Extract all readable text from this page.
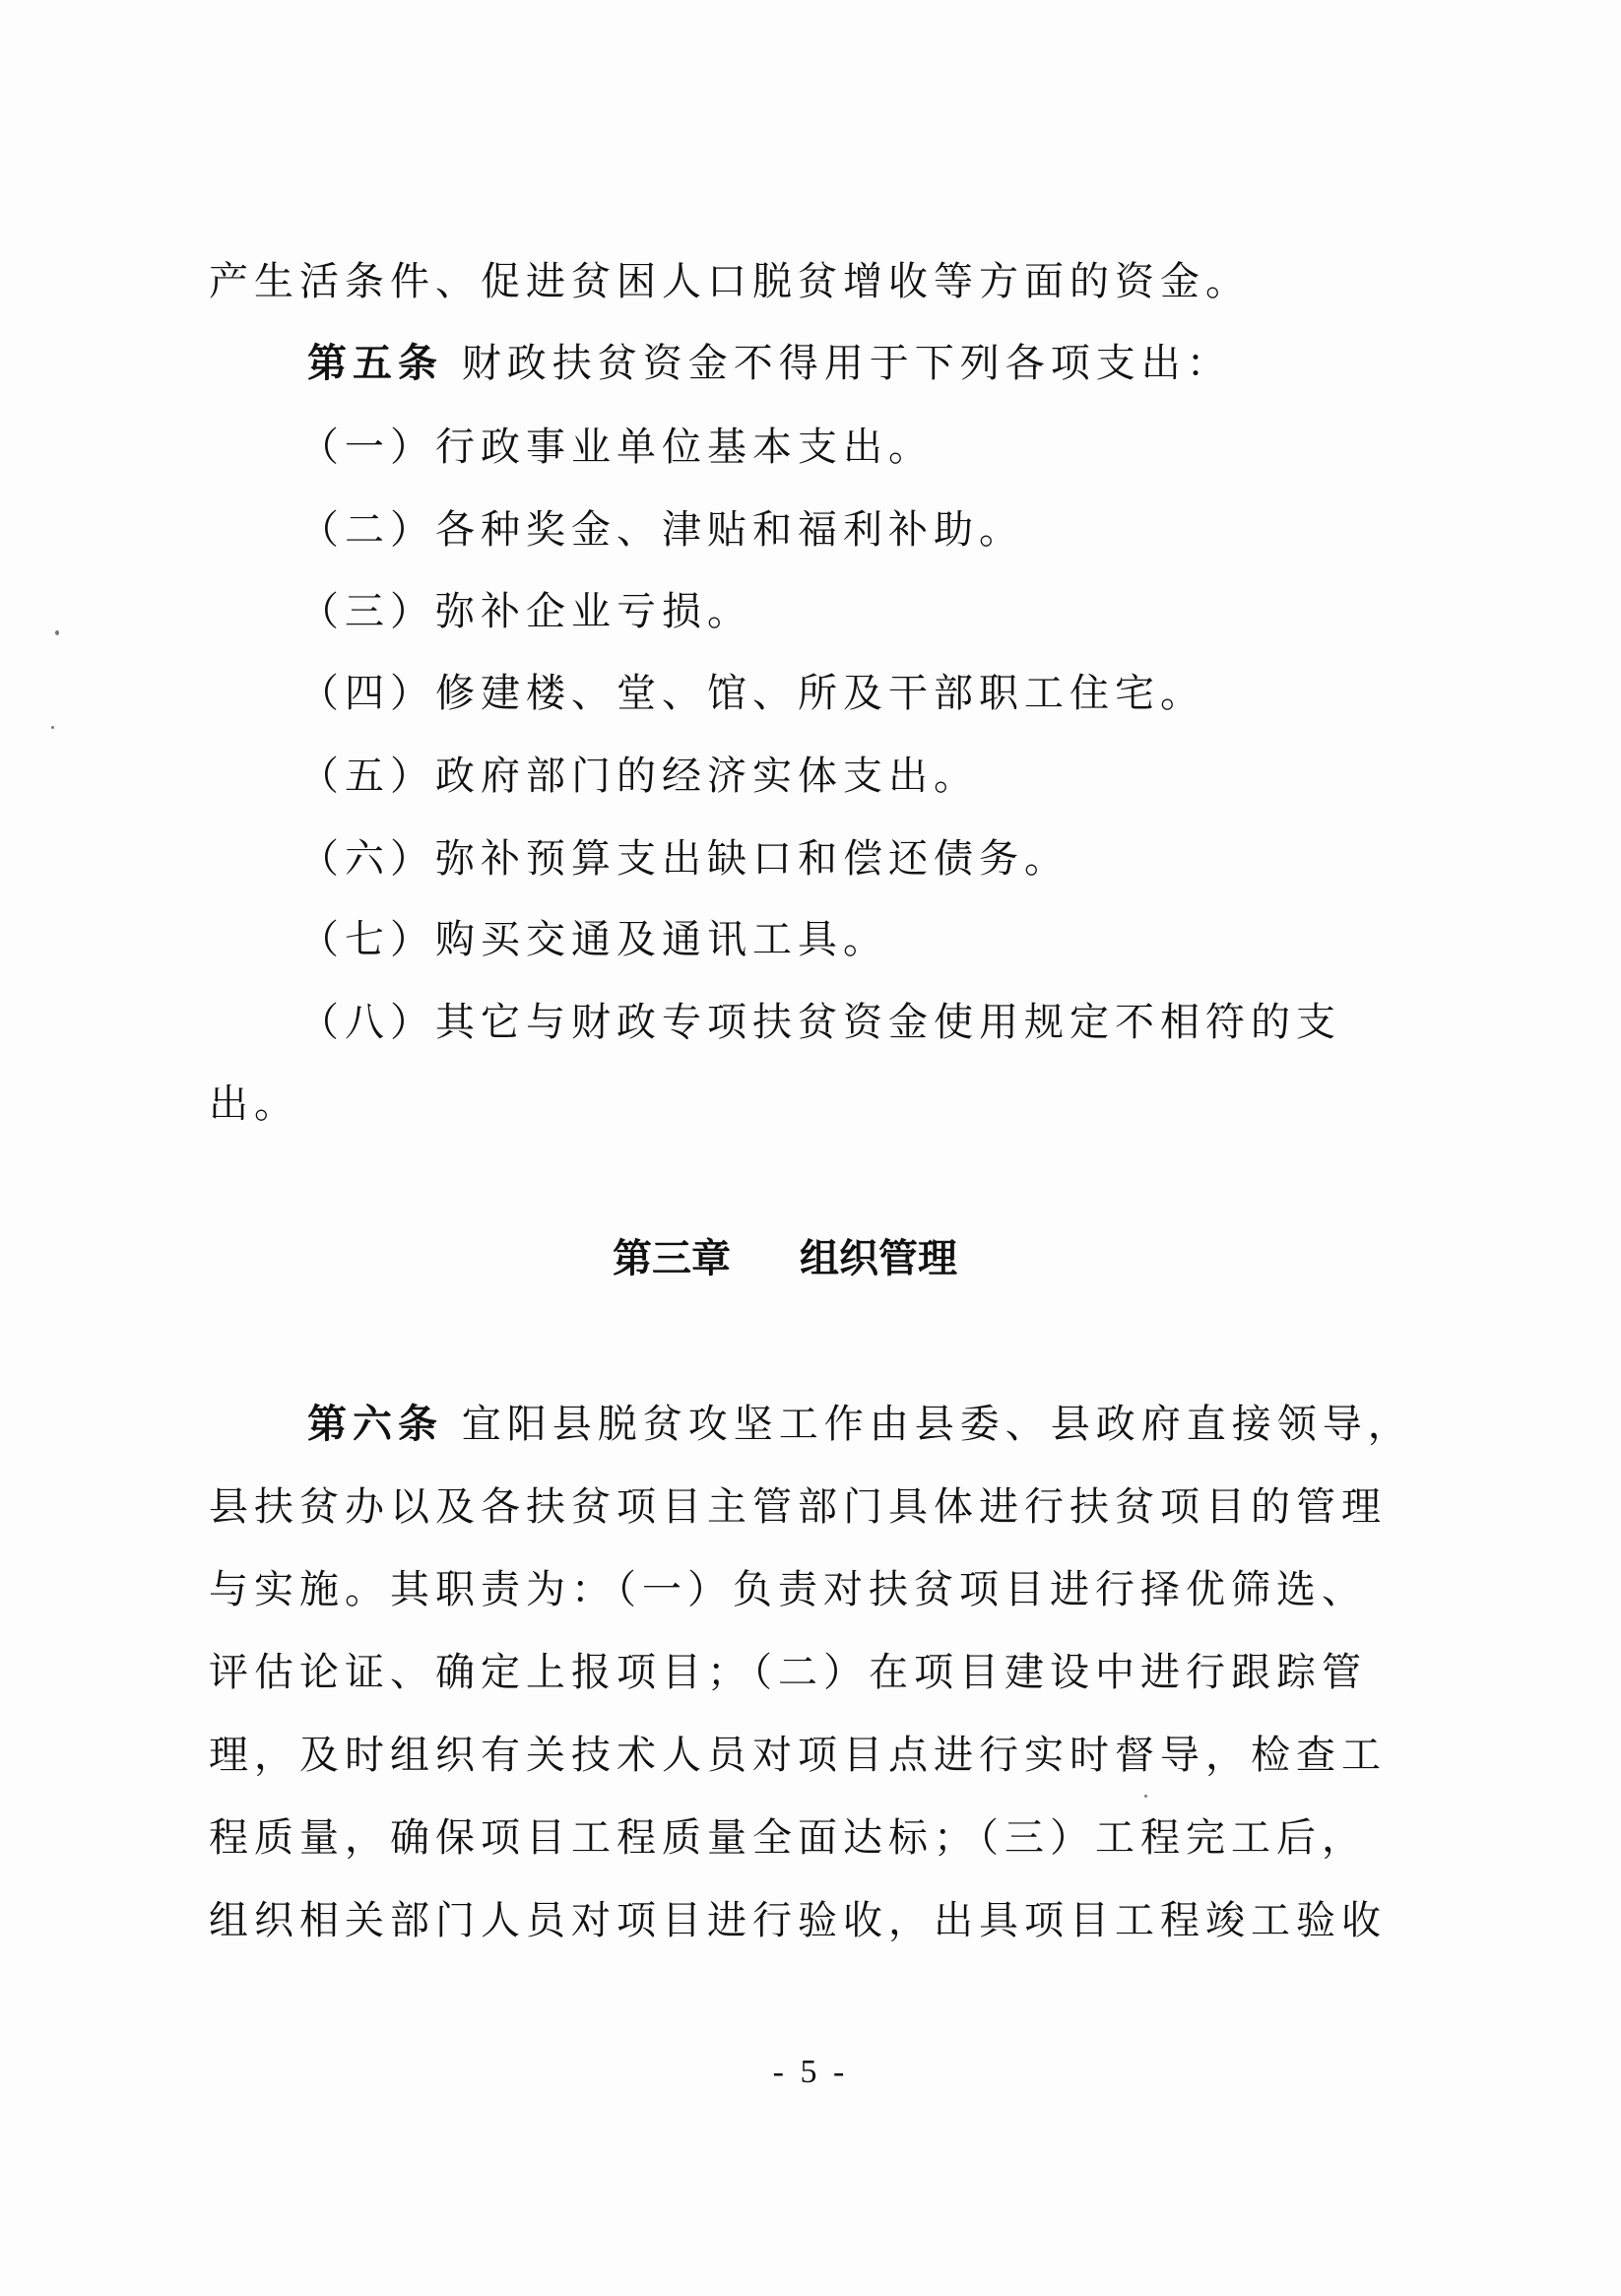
产生活条件、促进贫困人口脱贫增收等方面的资金。
第五条 财政扶贫资金不得用于下列各项支出：
（一）行政事业单位基本支出。
（二）各种奖金、津贴和福利补助。
（三）弥补企业亏损。
（四）修建楼、堂、馆、所及干部职工住宅。
（五）政府部门的经济实体支出。
（六）弥补预算支出缺口和偿还债务。
（七）购买交通及通讯工具。
（八）其它与财政专项扶贫资金使用规定不相符的支
出。
第三章 组织管理
第六条 宜阳县脱贫攻坚工作由县委、县政府直接领导，
县扶贫办以及各扶贫项目主管部门具体进行扶贫项目的管理
与实施。其职责为：（一）负责对扶贫项目进行择优筛选、
评估论证、确定上报项目；（二）在项目建设中进行跟踪管
理，及时组织有关技术人员对项目点进行实时督导，检查工
程质量，确保项目工程质量全面达标；（三）工程完工后，
组织相关部门人员对项目进行验收，出具项目工程竣工验收
- 5 -
